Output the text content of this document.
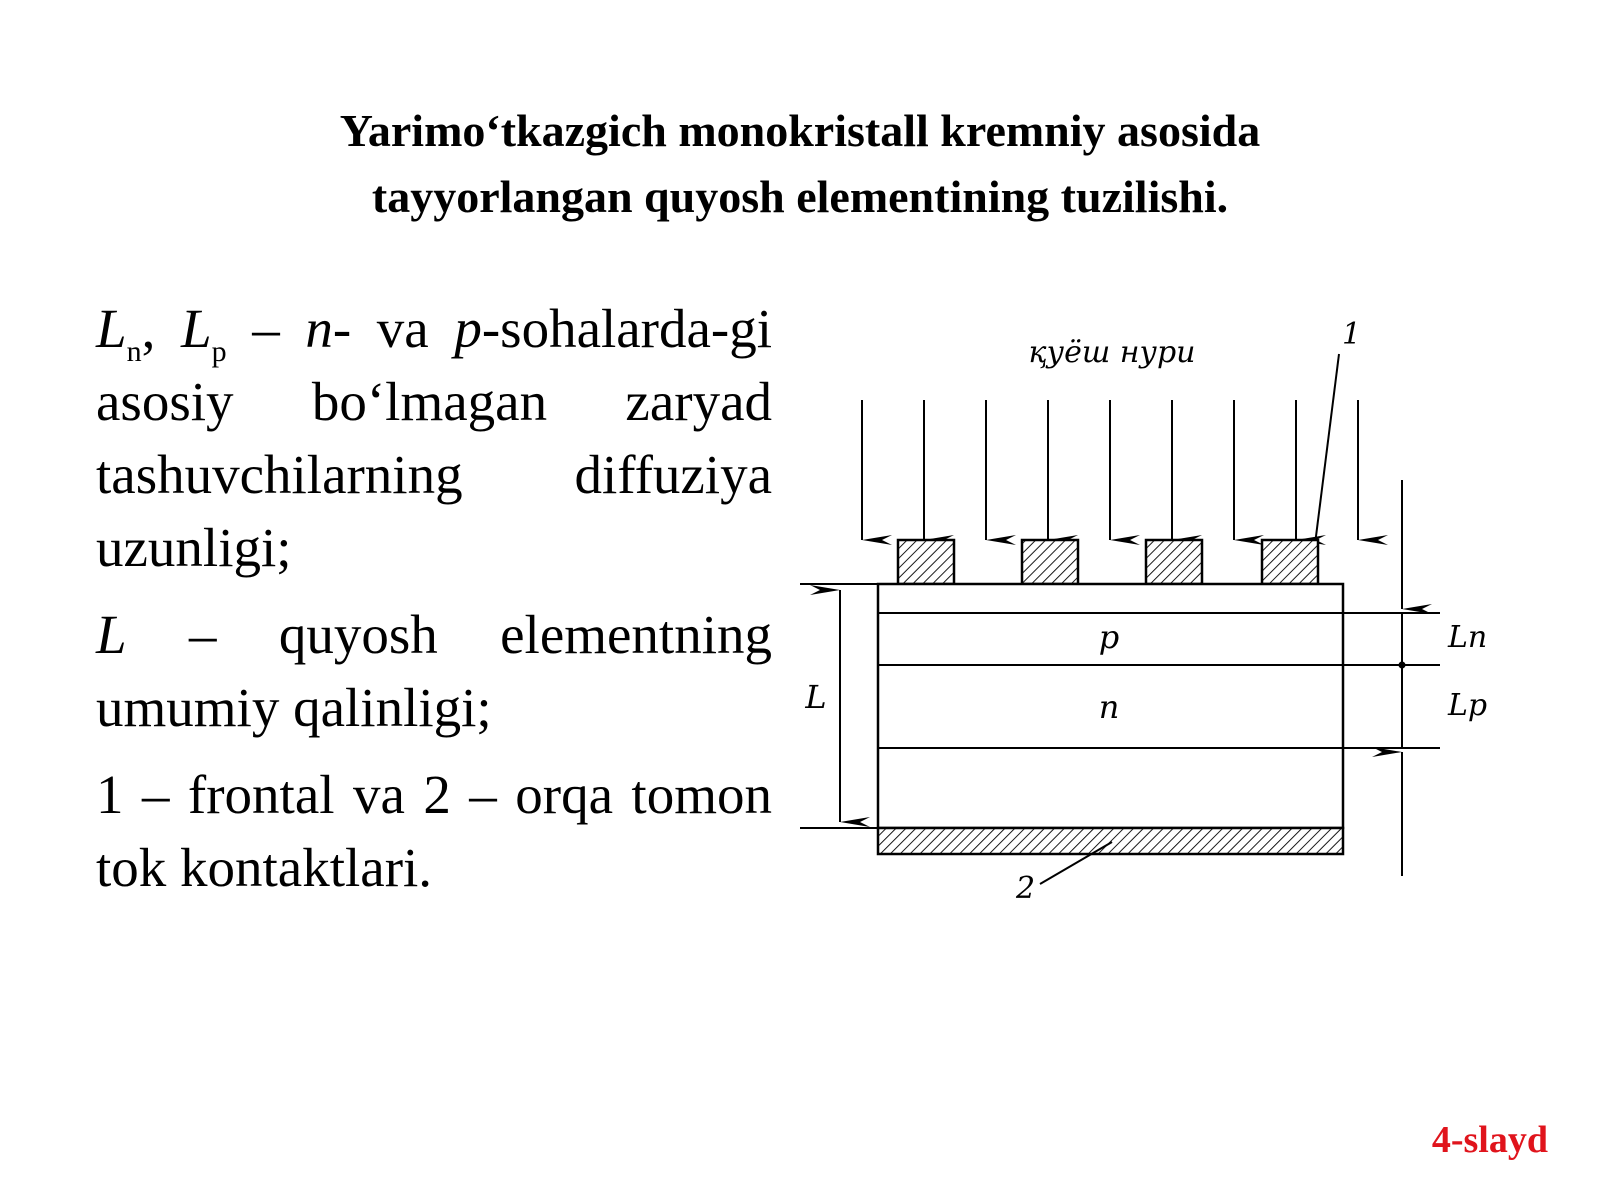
Yarimo‘tkazgich monokristall kremniy asosida
tayyorlangan quyosh elementining tuzilishi.

$L_n$, $L_p - n-$ va p-sohalarda-gi asosiy bo‘lmagan zaryad tashuvchilarning diffuziya uzunligi;

L – quyosh elementning umumiy qalinligi;

1 – frontal va 2 – orqa tomon tok kontaktlari.

қуёш нури
1
p
n
L
Ln
Lp
2
4-slayd
